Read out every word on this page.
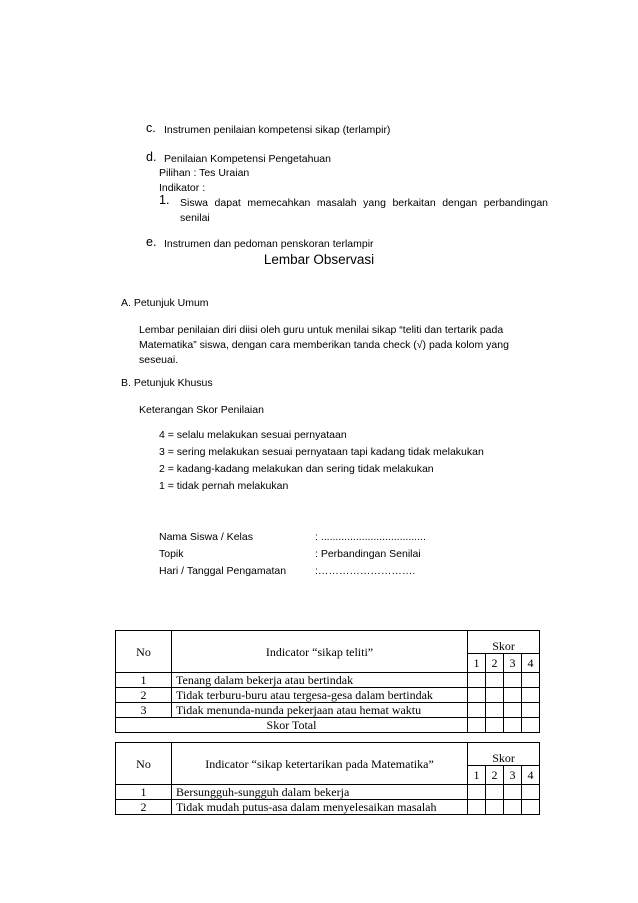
c. Instrumen penilaian kompetensi sikap (terlampir)
d. Penilaian Kompetensi Pengetahuan
Pilihan : Tes Uraian
Indikator :
1. Siswa dapat memecahkan masalah yang berkaitan dengan perbandingan
senilai
e. Instrumen dan pedoman penskoran terlampir
Lembar Observasi
A. Petunjuk Umum
Lembar penilaian diri diisi oleh guru untuk menilai sikap “teliti dan tertarik pada
Matematika” siswa, dengan cara memberikan tanda check (√) pada kolom yang
seseuai.
B. Petunjuk Khusus
Keterangan Skor Penilaian
4 = selalu melakukan sesuai pernyataan
3 = sering melakukan sesuai pernyataan tapi kadang tidak melakukan
2 = kadang-kadang melakukan dan sering tidak melakukan
1 = tidak pernah melakukan
Nama Siswa / Kelas	: ....................................
Topik	: Perbandingan Senilai
Hari / Tanggal Pengamatan	:……………………….
No	Indicator “sikap teliti”	Skor			
		1	2	3	4
1	Tenang dalam bekerja atau bertindak				
2	Tidak terburu-buru atau tergesa-gesa dalam bertindak				
3	Tidak menunda-nunda pekerjaan atau hemat waktu				
Skor Total					
No	Indicator “sikap ketertarikan pada Matematika”	Skor			
		1	2	3	4
1	Bersungguh-sungguh dalam bekerja				
2	Tidak mudah putus-asa dalam menyelesaikan masalah				
